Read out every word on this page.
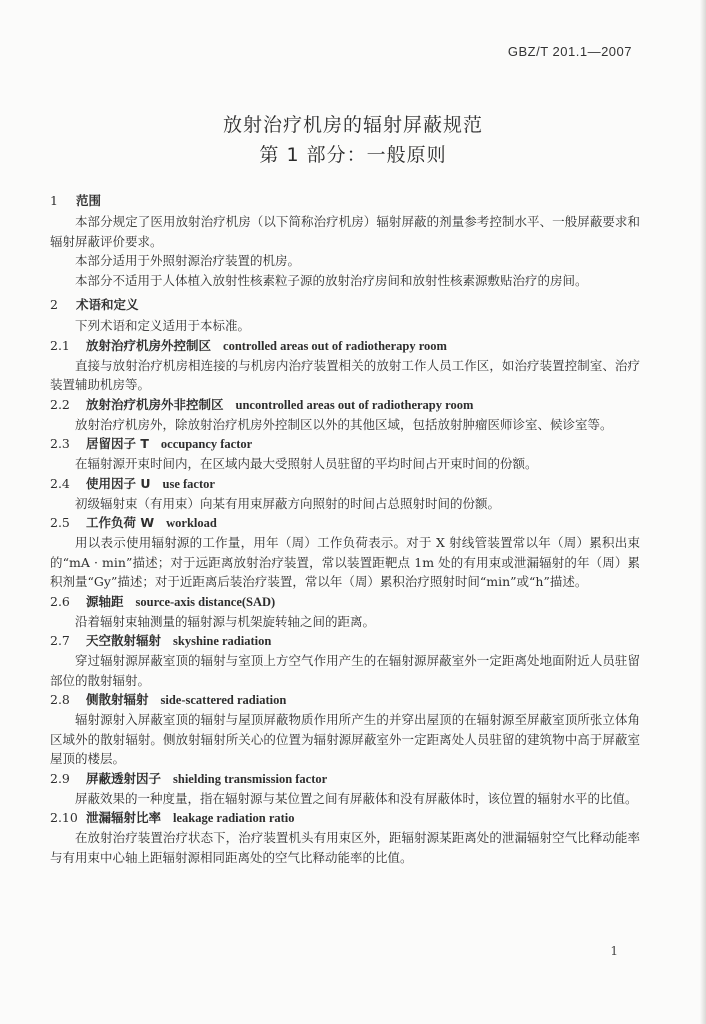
GBZ/T 201.1—2007
放射治疗机房的辐射屏蔽规范
第 1 部分：一般原则
1 范围

本部分规定了医用放射治疗机房（以下简称治疗机房）辐射屏蔽的剂量参考控制水平、一般屏蔽要求和辐射屏蔽评价要求。

本部分适用于外照射源治疗装置的机房。

本部分不适用于人体植入放射性核素粒子源的放射治疗房间和放射性核素源敷贴治疗的房间。

2 术语和定义

下列术语和定义适用于本标准。

2.1 放射治疗机房外控制区 controlled areas out of radiotherapy room

直接与放射治疗机房相连接的与机房内治疗装置相关的放射工作人员工作区，如治疗装置控制室、治疗装置辅助机房等。

2.2 放射治疗机房外非控制区 uncontrolled areas out of radiotherapy room

放射治疗机房外，除放射治疗机房外控制区以外的其他区域，包括放射肿瘤医师诊室、候诊室等。

2.3 居留因子 T occupancy factor

在辐射源开束时间内，在区域内最大受照射人员驻留的平均时间占开束时间的份额。

2.4 使用因子 U use factor

初级辐射束（有用束）向某有用束屏蔽方向照射的时间占总照射时间的份额。

2.5 工作负荷 W workload

用以表示使用辐射源的工作量，用年（周）工作负荷表示。对于 X 射线管装置常以年（周）累积出束的“mA · min”描述；对于远距离放射治疗装置，常以装置距靶点 1m 处的有用束或泄漏辐射的年（周）累积剂量“Gy”描述；对于近距离后装治疗装置，常以年（周）累积治疗照射时间“min”或“h”描述。

2.6 源轴距 source-axis distance(SAD)

沿着辐射束轴测量的辐射源与机架旋转轴之间的距离。

2.7 天空散射辐射 skyshine radiation

穿过辐射源屏蔽室顶的辐射与室顶上方空气作用产生的在辐射源屏蔽室外一定距离处地面附近人员驻留部位的散射辐射。

2.8 侧散射辐射 side-scattered radiation

辐射源射入屏蔽室顶的辐射与屋顶屏蔽物质作用所产生的并穿出屋顶的在辐射源至屏蔽室顶所张立体角区域外的散射辐射。侧放射辐射所关心的位置为辐射源屏蔽室外一定距离处人员驻留的建筑物中高于屏蔽室屋顶的楼层。

2.9 屏蔽透射因子 shielding transmission factor

屏蔽效果的一种度量，指在辐射源与某位置之间有屏蔽体和没有屏蔽体时，该位置的辐射水平的比值。

2.10 泄漏辐射比率 leakage radiation ratio

在放射治疗装置治疗状态下，治疗装置机头有用束区外，距辐射源某距离处的泄漏辐射空气比释动能率与有用束中心轴上距辐射源相同距离处的空气比释动能率的比值。

1
